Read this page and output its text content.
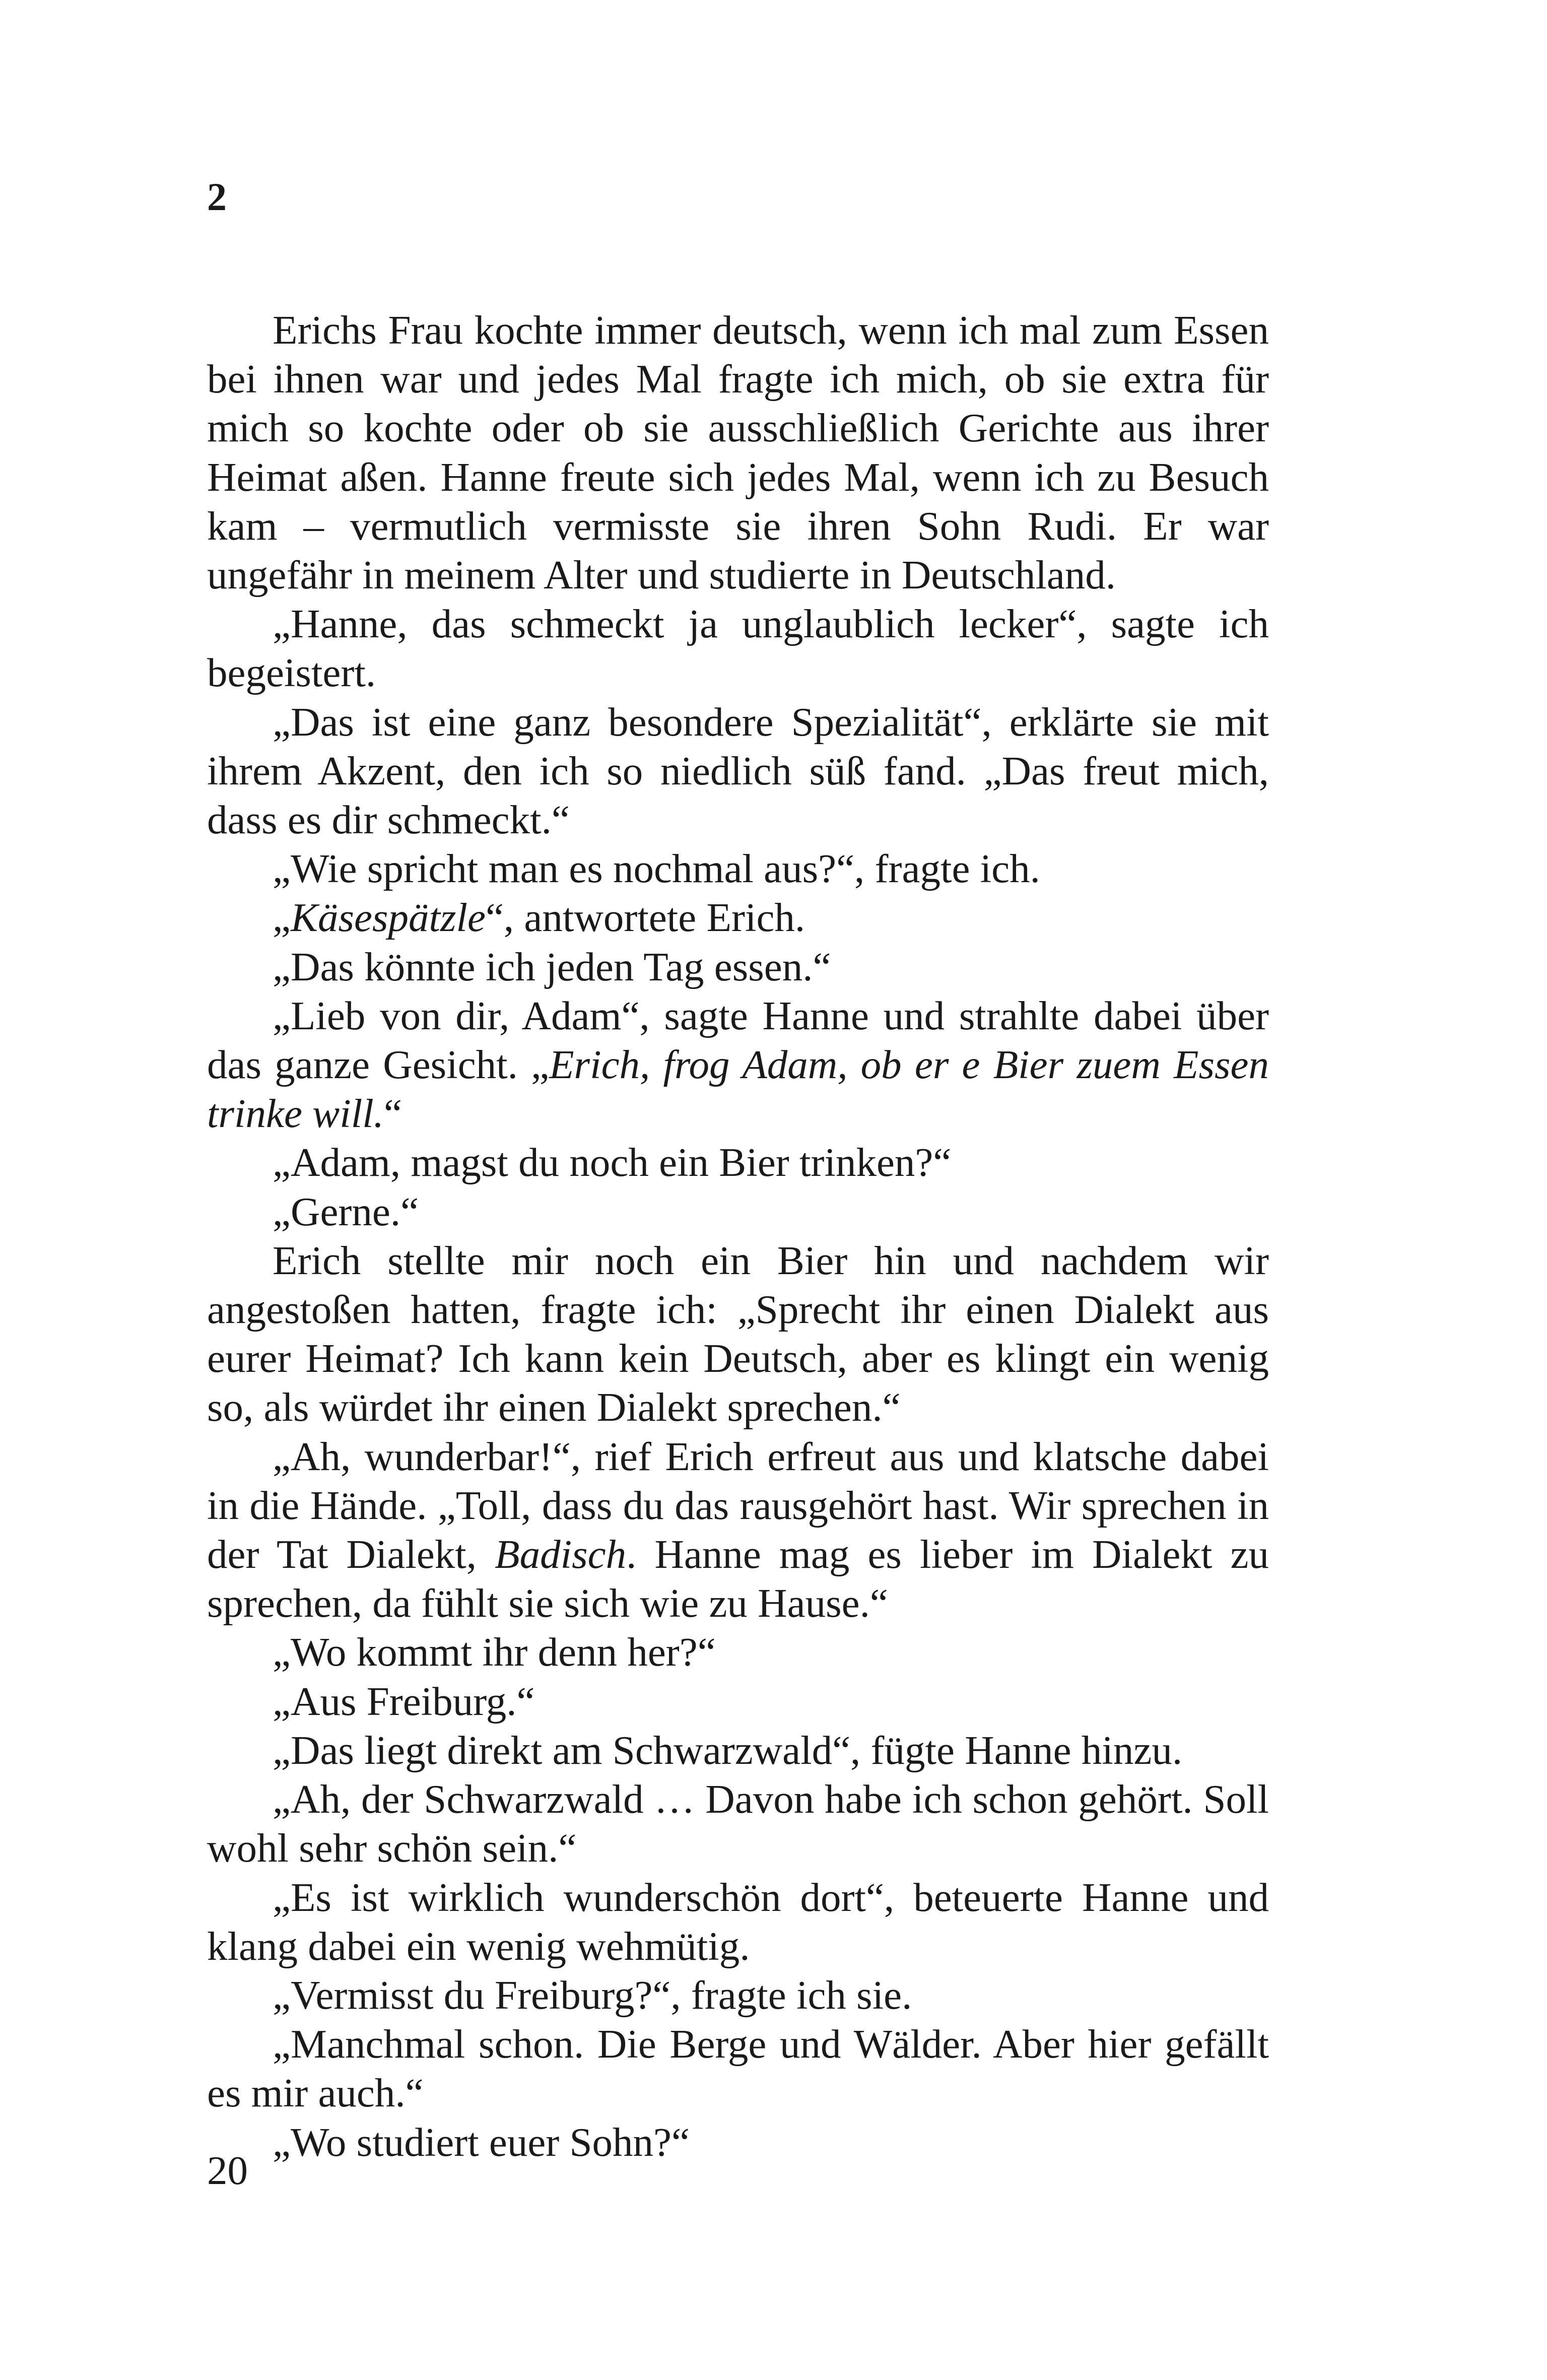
2

Erichs Frau kochte immer deutsch, wenn ich mal zum Essen bei ihnen war und jedes Mal fragte ich mich, ob sie extra für mich so kochte oder ob sie ausschließlich Gerichte aus ihrer Heimat aßen. Hanne freute sich jedes Mal, wenn ich zu Besuch kam – vermutlich vermisste sie ihren Sohn Rudi. Er war ungefähr in meinem Alter und studierte in Deutschland.

„Hanne, das schmeckt ja unglaublich lecker“, sagte ich begeistert.

„Das ist eine ganz besondere Spezialität“, erklärte sie mit ihrem Akzent, den ich so niedlich süß fand. „Das freut mich, dass es dir schmeckt.“

„Wie spricht man es nochmal aus?“, fragte ich.

„Käsespätzle“, antwortete Erich.

„Das könnte ich jeden Tag essen.“

„Lieb von dir, Adam“, sagte Hanne und strahlte dabei über das ganze Gesicht. „Erich, frog Adam, ob er e Bier zuem Essen trinke will.“

„Adam, magst du noch ein Bier trinken?“

„Gerne.“

Erich stellte mir noch ein Bier hin und nachdem wir angestoßen hatten, fragte ich: „Sprecht ihr einen Dialekt aus eurer Heimat? Ich kann kein Deutsch, aber es klingt ein wenig so, als würdet ihr einen Dialekt sprechen.“

„Ah, wunderbar!“, rief Erich erfreut aus und klatsche dabei in die Hände. „Toll, dass du das rausgehört hast. Wir sprechen in der Tat Dialekt, Badisch. Hanne mag es lieber im Dialekt zu sprechen, da fühlt sie sich wie zu Hause.“

„Wo kommt ihr denn her?“

„Aus Freiburg.“

„Das liegt direkt am Schwarzwald“, fügte Hanne hinzu.

„Ah, der Schwarzwald … Davon habe ich schon gehört. Soll wohl sehr schön sein.“

„Es ist wirklich wunderschön dort“, beteuerte Hanne und klang dabei ein wenig wehmütig.

„Vermisst du Freiburg?“, fragte ich sie.

„Manchmal schon. Die Berge und Wälder. Aber hier gefällt es mir auch.“

„Wo studiert euer Sohn?“

20
